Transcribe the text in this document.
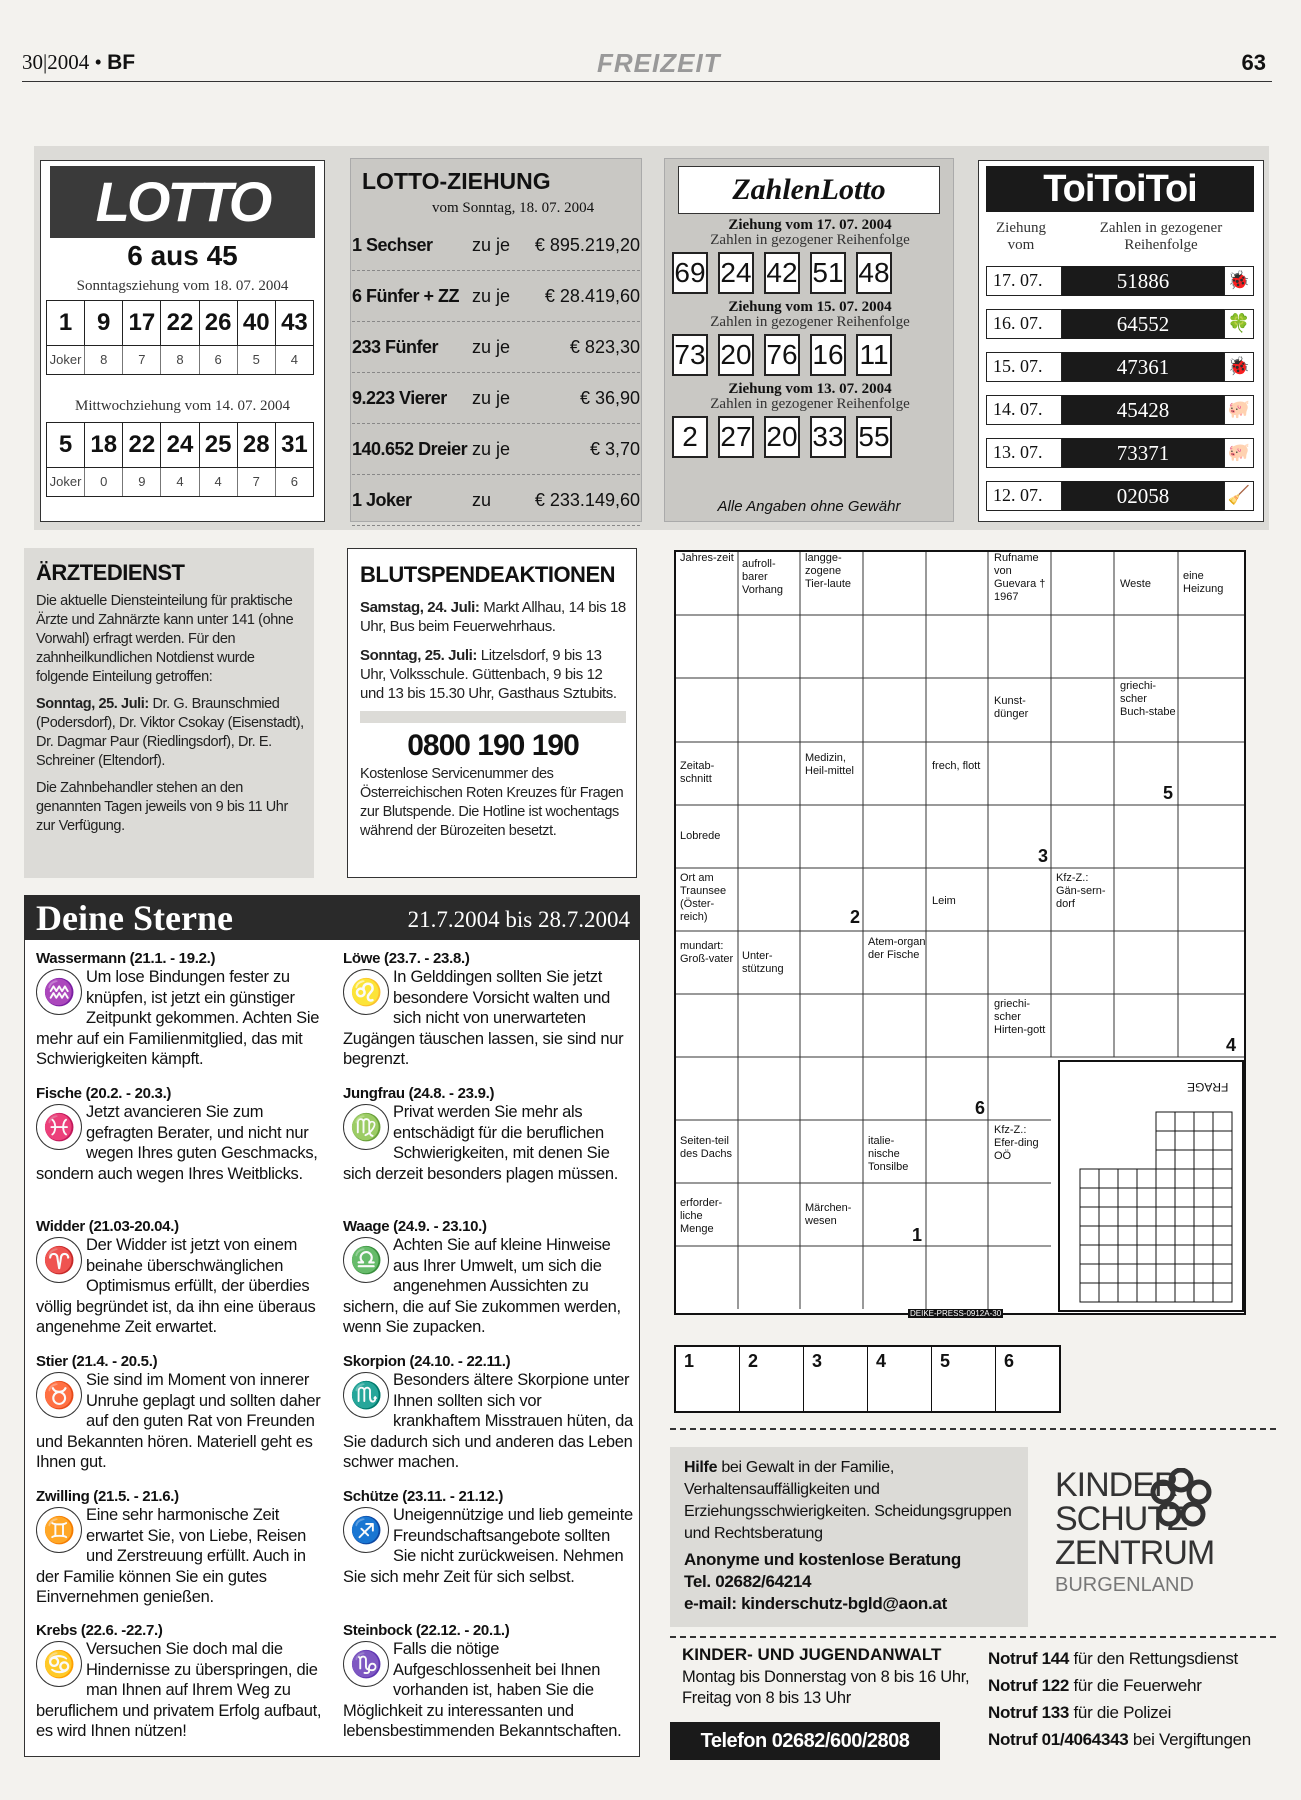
30|2004 • BF	FREIZEIT	63
LOTTO
6 aus 45
Sonntagsziehung vom 18. 07. 2004
1	9 17 22 26 40 43
Joker	8	7	8	6	5	4
Mittwochziehung vom 14. 07. 2004
5 18 22 24 25 28 31
Joker	0	9	4	4	7	6
LOTTO-ZIEHUNG
vom Sonntag, 18. 07. 2004
1 Sechser	zu je	€ 895.219,20
6 Fünfer + ZZ zu je	€ 28.419,60
233 Fünfer	zu je	€ 823,30
9.223 Vierer	zu je	€ 36,90
140.652 Dreier zu je	€ 3,70
1 Joker	zu	€ 233.149,60
ZahlenLotto
Ziehung vom 17. 07. 2004
Zahlen in gezogener Reihenfolge
69 24 42 51 48
Ziehung vom 15. 07. 2004
Zahlen in gezogener Reihenfolge
73 20 76 16 11
Ziehung vom 13. 07. 2004
Zahlen in gezogener Reihenfolge
2 27 20 33 55
Alle Angaben ohne Gewähr
ToiToiToi
Ziehung vom
Zahlen in gezogener Reihenfolge
17. 07.	51886	🐞
16. 07.	64552	🍀
15. 07.	47361	🐞
14. 07.	45428	🐖
13. 07.	73371	🐖
12. 07.	02058	🧹
ÄRZTEDIENST

Die aktuelle Diensteinteilung für praktische Ärzte und Zahnärzte kann unter 141 (ohne Vorwahl) erfragt werden. Für den zahnheilkundlichen Notdienst wurde folgende Einteilung getroffen:

Sonntag, 25. Juli: Dr. G. Braunschmied (Podersdorf), Dr. Viktor Csokay (Eisenstadt), Dr. Dagmar Paur (Riedlingsdorf), Dr. E. Schreiner (Eltendorf).

Die Zahnbehandler stehen an den genannten Tagen jeweils von 9 bis 11 Uhr zur Verfügung.

BLUTSPENDEAKTIONEN

Samstag, 24. Juli: Markt Allhau, 14 bis 18 Uhr, Bus beim Feuerwehrhaus.

Sonntag, 25. Juli: Litzelsdorf, 9 bis 13 Uhr, Volksschule. Güttenbach, 9 bis 12 und 13 bis 15.30 Uhr, Gasthaus Sztubits.

0800 190 190

Kostenlose Servicenummer des Österreichischen Roten Kreuzes für Fragen zur Blutspende. Die Hotline ist wochentags während der Bürozeiten besetzt.

Deine Sterne	21.7.2004 bis 28.7.2004
Wassermann (21.1. - 19.2.)
♒ Um lose Bindungen fester zu knüpfen, ist jetzt ein günstiger Zeitpunkt gekommen. Achten Sie mehr auf ein Familienmitglied, das mit Schwierigkeiten kämpft.
Fische (20.2. - 20.3.)
♓ Jetzt avancieren Sie zum gefragten Berater, und nicht nur wegen Ihres guten Geschmacks, sondern auch wegen Ihres Weitblicks.
Widder (21.03-20.04.)
♈ Der Widder ist jetzt von einem beinahe überschwänglichen Optimismus erfüllt, der überdies völlig begründet ist, da ihn eine überaus angenehme Zeit erwartet.
Stier (21.4. - 20.5.)
♉ Sie sind im Moment von innerer Unruhe geplagt und sollten daher auf den guten Rat von Freunden und Bekannten hören. Materiell geht es Ihnen gut.
Zwilling (21.5. - 21.6.)
♊ Eine sehr harmonische Zeit erwartet Sie, von Liebe, Reisen und Zerstreuung erfüllt. Auch in der Familie können Sie ein gutes Einvernehmen genießen.
Krebs (22.6. -22.7.)
♋ Versuchen Sie doch mal die Hindernisse zu überspringen, die man Ihnen auf Ihrem Weg zu beruflichem und privatem Erfolg aufbaut, es wird Ihnen nützen!
Löwe (23.7. - 23.8.)
♌ In Gelddingen sollten Sie jetzt besondere Vorsicht walten und sich nicht von unerwarteten Zugängen täuschen lassen, sie sind nur begrenzt.
Jungfrau (24.8. - 23.9.)
♍ Privat werden Sie mehr als entschädigt für die beruflichen Schwierigkeiten, mit denen Sie sich derzeit besonders plagen müssen.
Waage (24.9. - 23.10.)
♎ Achten Sie auf kleine Hinweise aus Ihrer Umwelt, um sich die angenehmen Aussichten zu sichern, die auf Sie zukommen werden, wenn Sie zupacken.
Skorpion (24.10. - 22.11.)
♏ Besonders ältere Skorpione unter Ihnen sollten sich vor krankhaftem Misstrauen hüten, da Sie dadurch sich und anderen das Leben schwer machen.
Schütze (23.11. - 21.12.)
♐ Uneigennützige und lieb gemeinte Freundschaftsangebote sollten Sie nicht zurückweisen. Nehmen Sie sich mehr Zeit für sich selbst.
Steinbock (22.12. - 20.1.)
♑ Falls die nötige Aufgeschlossenheit bei Ihnen vorhanden ist, haben Sie die Möglichkeit zu interessanten und lebensbestimmenden Bekanntschaften.
Jahres-zeit aufroll-barer Vorhang
langge-zogene Tier-laute
Rufname von Guevara † 1967
Weste
eine Heizung
Kunst-dünger
griechi-scher Buch-stabe
Zeitab-schnitt
Medizin, Heil-mittel	frech, flott
Lobrede
Ort am Traunsee (Öster-reich)
Leim
Kfz-Z.: Gän-sern-dorf
mundart: Groß-vater Unter-stützung
Atem-organ der Fische
griechi-scher Hirten-gott
Seiten-teil des Dachs
italie-nische Tonsilbe
Kfz-Z.: Efer-ding OÖ
erforder-liche Menge
Märchen-wesen
5
3
2
4
6
1
FRAGE
DEIKE-PRESS-0912A-30
1	2	3	4	5	6

Hilfe bei Gewalt in der Familie, Verhaltensauffälligkeiten und Erziehungsschwierigkeiten. Scheidungsgruppen und Rechtsberatung

Anonyme und kostenlose Beratung

Tel. 02682/64214

e-mail: kinderschutz-bgld@aon.at

KINDER
SCHUTZ
ZENTRUM
BURGENLAND
KINDER- UND JUGENDANWALT
Montag bis Donnerstag von 8 bis 16 Uhr, Freitag von 8 bis 13 Uhr
Telefon 02682/600/2808
Notruf 144 für den Rettungsdienst
Notruf 122 für die Feuerwehr
Notruf 133 für die Polizei
Notruf 01/4064343 bei Vergiftungen
